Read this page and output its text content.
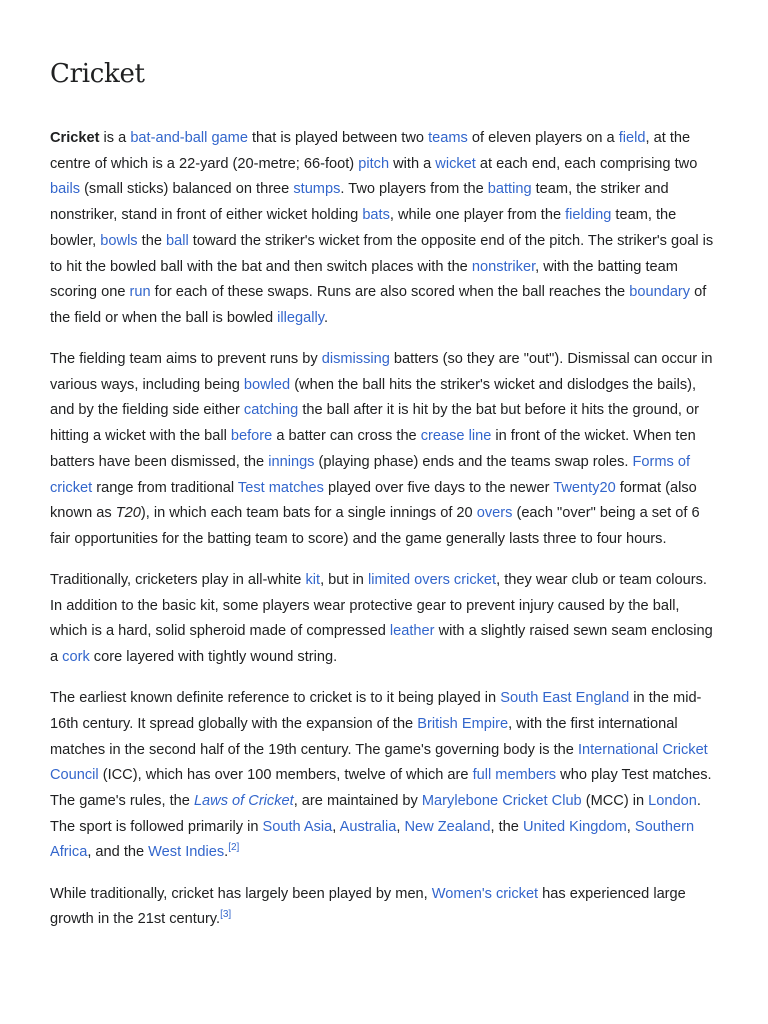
Cricket

Cricket is a bat-and-ball game that is played between two teams of eleven players on a field, at the centre of which is a 22-yard (20-metre; 66-foot) pitch with a wicket at each end, each comprising two bails (small sticks) balanced on three stumps. Two players from the batting team, the striker and nonstriker, stand in front of either wicket holding bats, while one player from the fielding team, the bowler, bowls the ball toward the striker's wicket from the opposite end of the pitch. The striker's goal is to hit the bowled ball with the bat and then switch places with the nonstriker, with the batting team scoring one run for each of these swaps. Runs are also scored when the ball reaches the boundary of the field or when the ball is bowled illegally.

The fielding team aims to prevent runs by dismissing batters (so they are "out"). Dismissal can occur in various ways, including being bowled (when the ball hits the striker's wicket and dislodges the bails), and by the fielding side either catching the ball after it is hit by the bat but before it hits the ground, or hitting a wicket with the ball before a batter can cross the crease line in front of the wicket. When ten batters have been dismissed, the innings (playing phase) ends and the teams swap roles. Forms of cricket range from traditional Test matches played over five days to the newer Twenty20 format (also known as T20), in which each team bats for a single innings of 20 overs (each "over" being a set of 6 fair opportunities for the batting team to score) and the game generally lasts three to four hours.

Traditionally, cricketers play in all-white kit, but in limited overs cricket, they wear club or team colours. In addition to the basic kit, some players wear protective gear to prevent injury caused by the ball, which is a hard, solid spheroid made of compressed leather with a slightly raised sewn seam enclosing a cork core layered with tightly wound string.

The earliest known definite reference to cricket is to it being played in South East England in the mid-16th century. It spread globally with the expansion of the British Empire, with the first international matches in the second half of the 19th century. The game's governing body is the International Cricket Council (ICC), which has over 100 members, twelve of which are full members who play Test matches. The game's rules, the Laws of Cricket, are maintained by Marylebone Cricket Club (MCC) in London. The sport is followed primarily in South Asia, Australia, New Zealand, the United Kingdom, Southern Africa, and the West Indies.[2]

While traditionally, cricket has largely been played by men, Women's cricket has experienced large growth in the 21st century.[3]
